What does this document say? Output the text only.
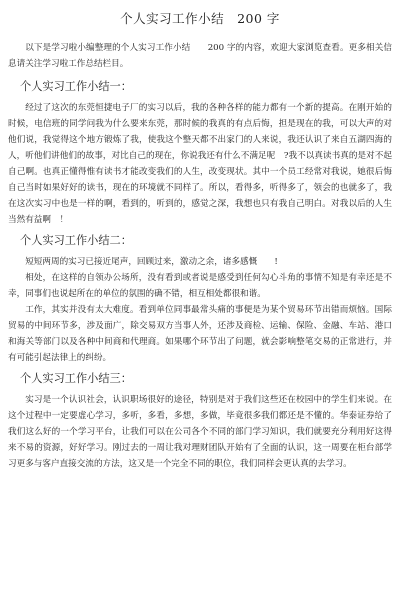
个人实习工作小结　200 字

以下是学习啦小编整理的个人实习工作小结　　200 字的内容，欢迎大家浏览查看。更多相关信息请关注学习啦工作总结栏目。

个人实习工作小结一：

经过了这次的东莞恒捷电子厂的实习以后，我的各种各样的能力都有一个新的提高。在刚开始的时候，电信班的同学问我为什么要来东莞，那时候的我真的有点后悔，担是现在的我，可以大声的对他们说，我觉得这个地方锻炼了我，使我这个整天都不出家门的人来说，我还认识了来自五湖四海的人，听他们讲他们的故事，对比自己的现在，你说我还有什么不满足呢　?我不以真读书真的是对不起自己啊。也真正懂得惟有读书才能改变我们的人生，改变现状。其中一个员工经常对我说，她很后悔自己当时如果好好的读书，现在的环境就不同样了。所以，看得多，听得多了，领会的也就多了，我在这次实习中也是一样的啊，看到的，听到的，感觉之深，我想也只有我自己明白。对我以后的人生当然有益啊　！

个人实习工作小结二：

短短两周的实习已接近尾声，回顾过来，激动之余，诸多感慨　　!

相处，在这样的自领办公场所，没有看到或者说是感受到任何勾心斗角的事情不知是有幸还是不幸，同事们也说起所在的单位的氛围的确不错，相互相处都很和谐。

工作，其实并没有太大难度。看到单位同事最常头痛的事便是为某个贸易环节出错而烦恼。国际贸易的中间环节多，涉及面广，除交易双方当事人外，还涉及商检、运输、保险、金融、车站、港口和海关等部门以及各种中间商和代理商。如果哪个环节出了问题，就会影响整笔交易的正常进行，并有可能引起法律上的纠纷。

个人实习工作小结三：

实习是一个认识社会，认识职场很好的途径，特别是对于我们这些还在校园中的学生们来说。在这个过程中一定要虚心学习，多听，多看，多想，多做，毕竟很多我们都还是不懂的。华泰证券给了我们这么好的一个学习平台，让我们可以在公司各个不同的部门学习知识，我们就要充分利用好这得来不易的资源，好好学习。刚过去的一周让我对理财团队开始有了全面的认识，这一周要在柜台部学习更多与客户直接交流的方法，这又是一个完全不同的职位，我们同样会更认真的去学习。
